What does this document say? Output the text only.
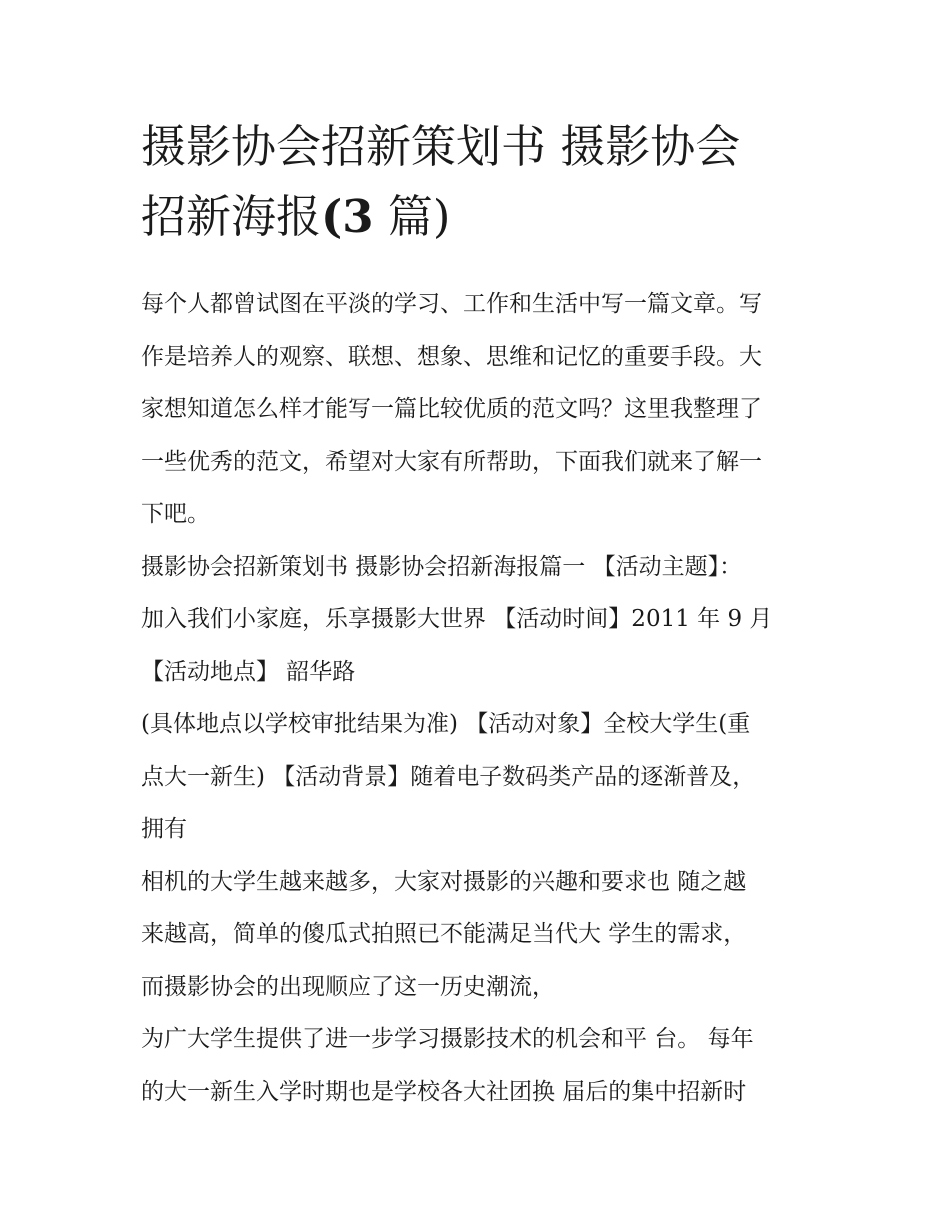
摄影协会招新策划书 摄影协会
招新海报(3 篇)

每个人都曾试图在平淡的学习、工作和生活中写一篇文章。写
作是培养人的观察、联想、想象、思维和记忆的重要手段。大
家想知道怎么样才能写一篇比较优质的范文吗？这里我整理了
一些优秀的范文，希望对大家有所帮助，下面我们就来了解一
下吧。

摄影协会招新策划书 摄影协会招新海报篇一 【活动主题】：
加入我们小家庭，乐享摄影大世界 【活动时间】2011 年 9 月
【活动地点】 韶华路

(具体地点以学校审批结果为准) 【活动对象】全校大学生(重
点大一新生) 【活动背景】随着电子数码类产品的逐渐普及，
拥有

相机的大学生越来越多，大家对摄影的兴趣和要求也 随之越
来越高，简单的傻瓜式拍照已不能满足当代大 学生的需求，
而摄影协会的出现顺应了这一历史潮流，

为广大学生提供了进一步学习摄影技术的机会和平 台。 每年
的大一新生入学时期也是学校各大社团换 届后的集中招新时
